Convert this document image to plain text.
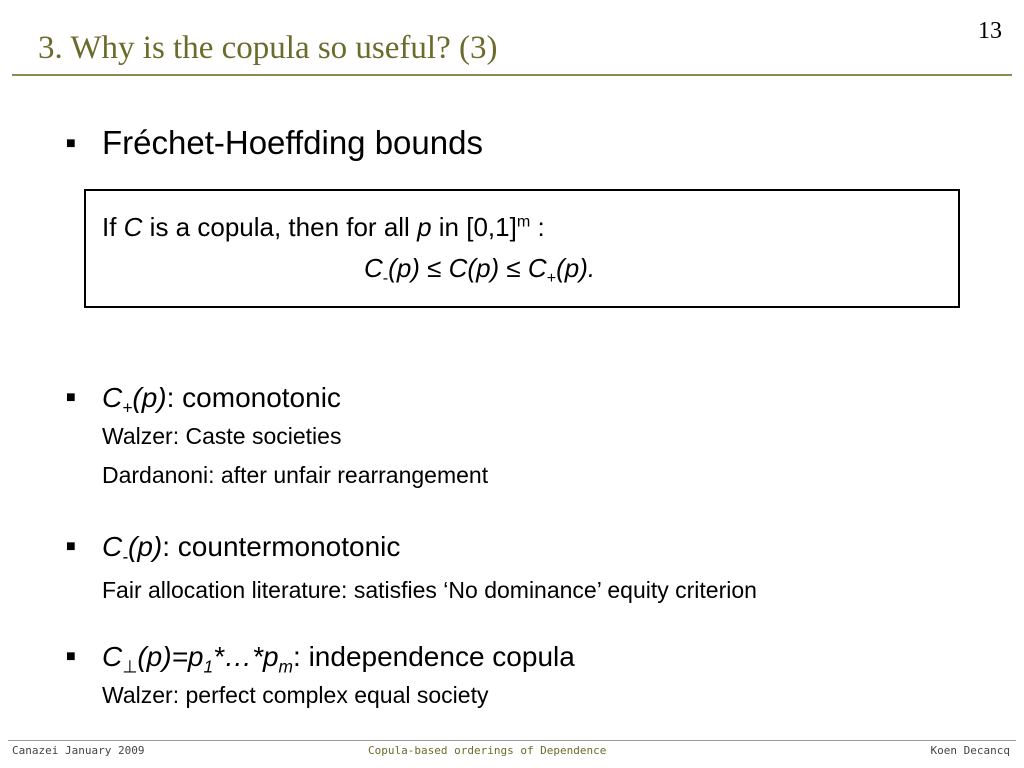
3. Why is the copula so useful? (3)	13
■ Fréchet-Hoeffding bounds
If C is a copula, then for all p in $[0,1]^m$ :
$C_-(p) \le C(p) \le C_+(p)$.
■ $C_+(p)$: comonotonic
Walzer: Caste societies
Dardanoni: after unfair rearrangement
■ $C_-(p)$: countermonotonic
Fair allocation literature: satisfies ‘No dominance’ equity criterion
■ $C_\perp(p)=p_1*\dots*p_m$: independence copula
Walzer: perfect complex equal society
Canazei January 2009	Copula-based orderings of Dependence	Koen Decancq
